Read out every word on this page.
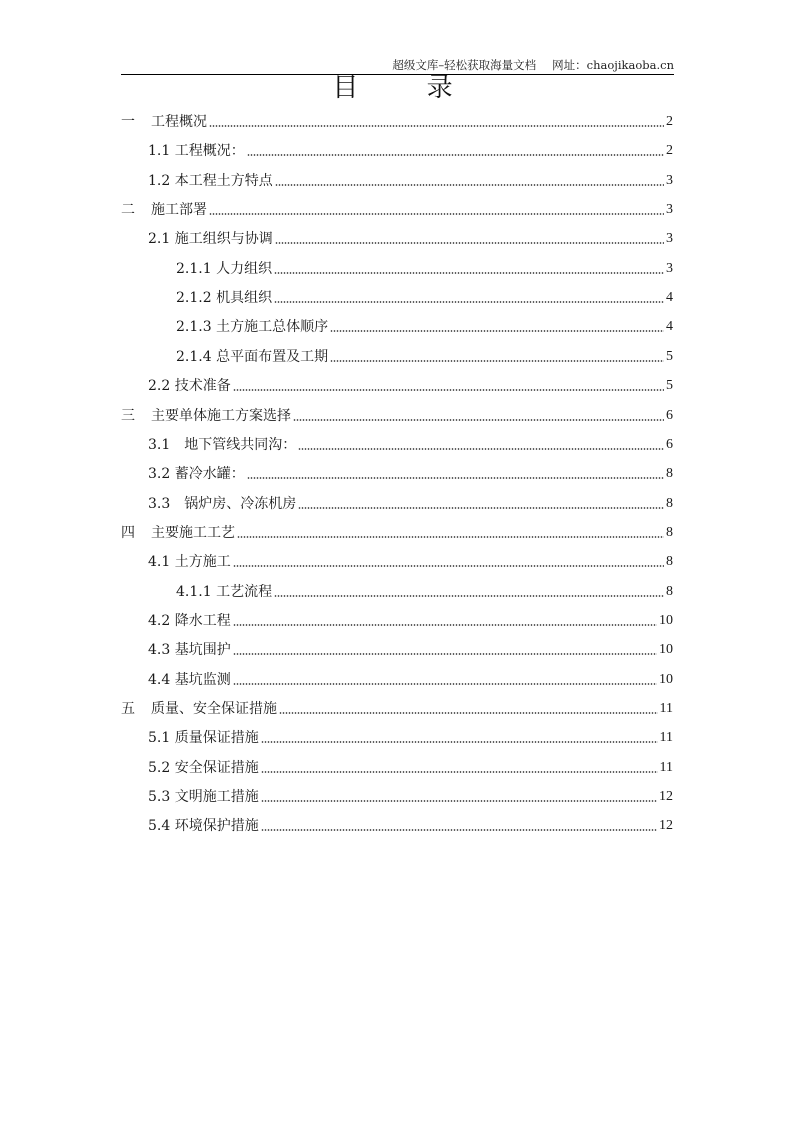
超级文库–轻松获取海量文档 网址：chaojikaoba.cn
目 录
一 工程概况	2
1.1 工程概况：	2
1.2 本工程土方特点	3
二 施工部署	3
2.1 施工组织与协调	3
2.1.1 人力组织	3
2.1.2 机具组织	4
2.1.3 土方施工总体顺序	4
2.1.4 总平面布置及工期	5
2.2 技术准备	5
三 主要单体施工方案选择	6
3.1 地下管线共同沟：	6
3.2 蓄冷水罐：	8
3.3 锅炉房、冷冻机房	8
四 主要施工工艺	8
4.1 土方施工	8
4.1.1 工艺流程	8
4.2 降水工程	10
4.3 基坑围护	10
4.4 基坑监测	10
五 质量、安全保证措施	11
5.1 质量保证措施	11
5.2 安全保证措施	11
5.3 文明施工措施	12
5.4 环境保护措施	12
